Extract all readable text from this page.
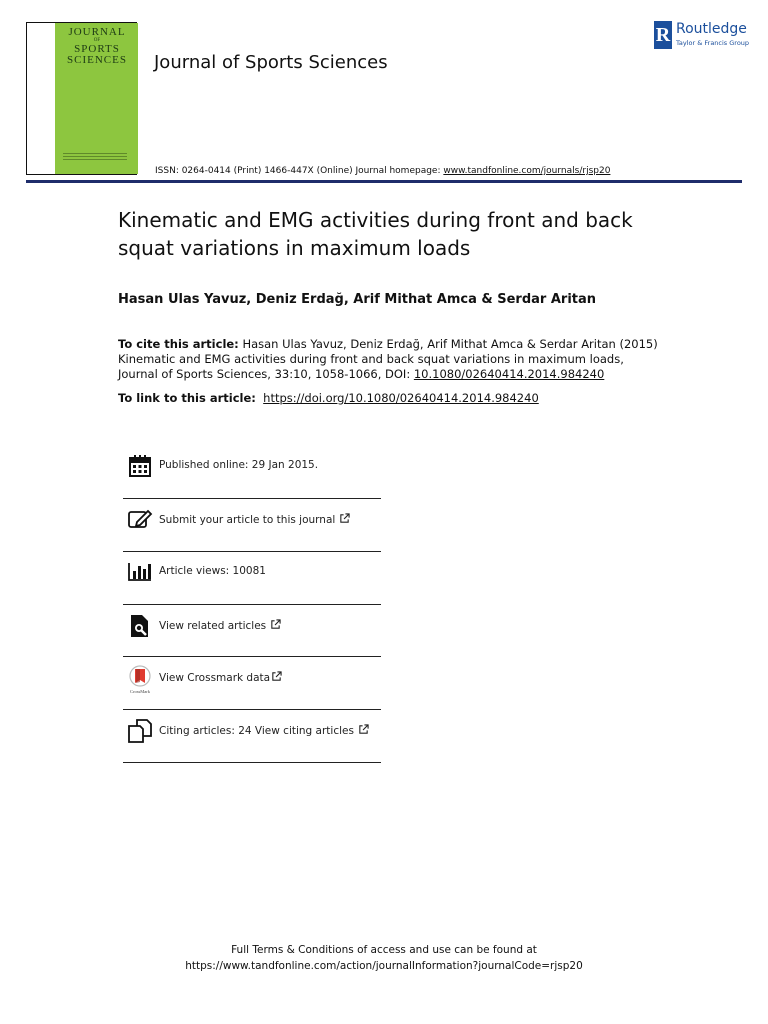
JOURNAL
OF
SPORTS
SCIENCES	Journal of Sports Sciences
R Routledge
Taylor & Francis Group
ISSN: 0264-0414 (Print) 1466-447X (Online) Journal homepage: www.tandfonline.com/journals/rjsp20
Kinematic and EMG activities during front and back squat variations in maximum loads
Hasan Ulas Yavuz, Deniz Erdağ, Arif Mithat Amca & Serdar Aritan
To cite this article: Hasan Ulas Yavuz, Deniz Erdağ, Arif Mithat Amca & Serdar Aritan (2015) Kinematic and EMG activities during front and back squat variations in maximum loads, Journal of Sports Sciences, 33:10, 1058-1066, DOI: 10.1080/02640414.2014.984240
To link to this article: https://doi.org/10.1080/02640414.2014.984240
Published online: 29 Jan 2015.
Submit your article to this journal
Article views: 10081
View related articles
CrossMark
View Crossmark data
Citing articles: 24 View citing articles
Full Terms & Conditions of access and use can be found at
https://www.tandfonline.com/action/journalInformation?journalCode=rjsp20
